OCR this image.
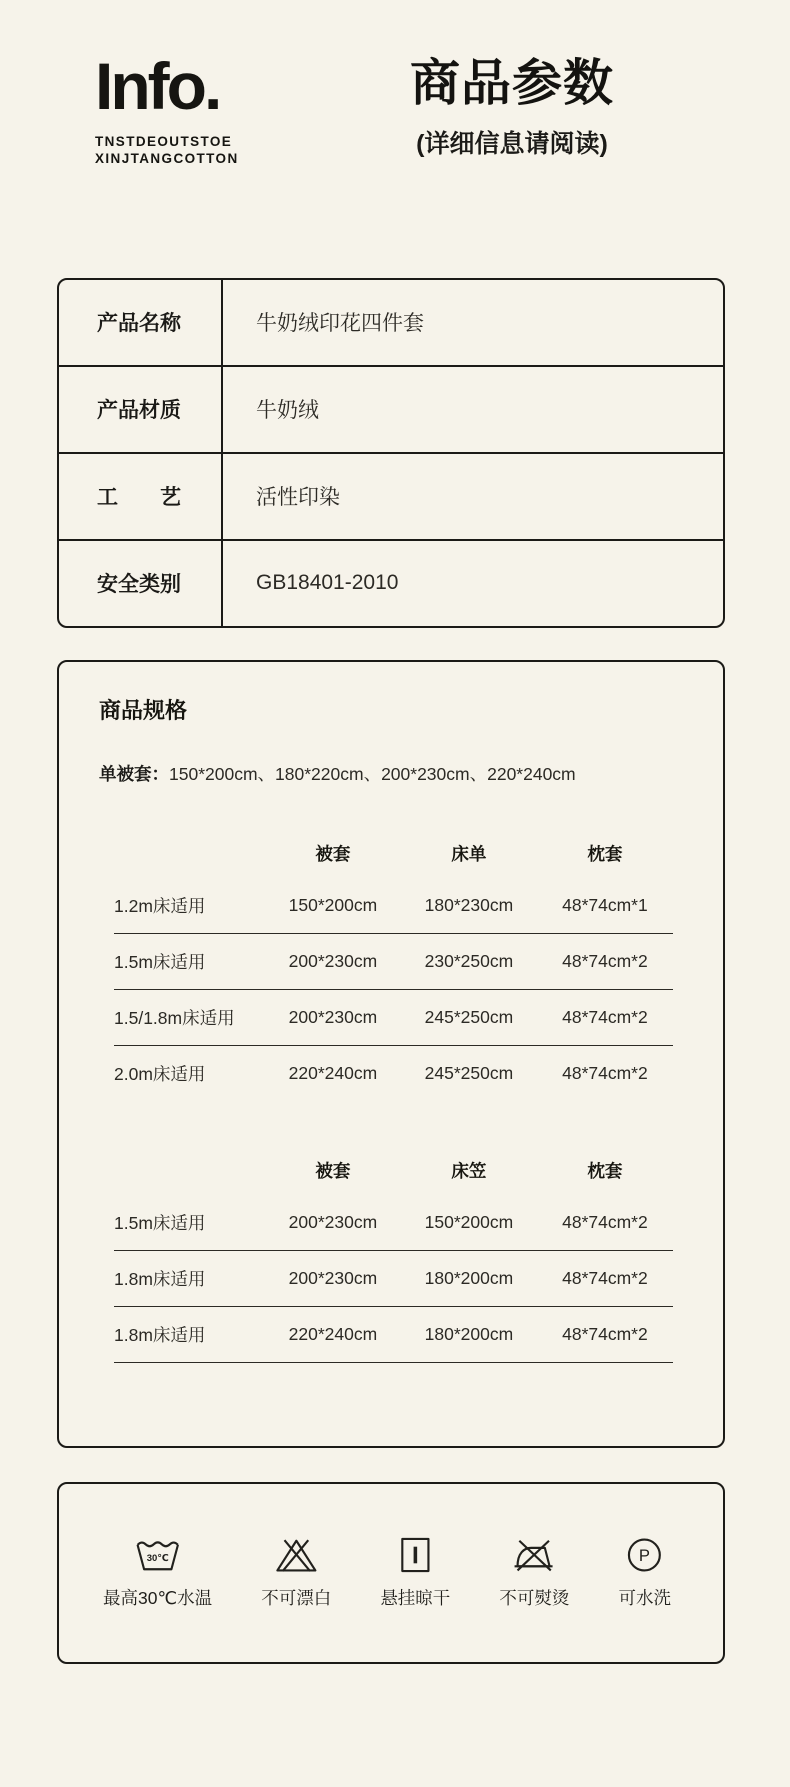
Info.
TNSTDEOUTSTOE
XINJTANGCOTTON
商品参数
(详细信息请阅读)
产品名称	牛奶绒印花四件套
产品材质	牛奶绒
工　　艺	活性印染
安全类别	GB18401-2010
商品规格
单被套：150*200cm、180*220cm、200*230cm、220*240cm
被套	床单	枕套
1.2m床适用	150*200cm	180*230cm	48*74cm*1
1.5m床适用	200*230cm	230*250cm	48*74cm*2
1.5/1.8m床适用	200*230cm	245*250cm	48*74cm*2
2.0m床适用	220*240cm	245*250cm	48*74cm*2
被套	床笠	枕套
1.5m床适用	200*230cm	150*200cm	48*74cm*2
1.8m床适用	200*230cm	180*200cm	48*74cm*2
1.8m床适用	220*240cm	180*200cm	48*74cm*2
30℃
最高30℃水温	不可漂白	悬挂晾干	不可熨烫
P
可水洗
